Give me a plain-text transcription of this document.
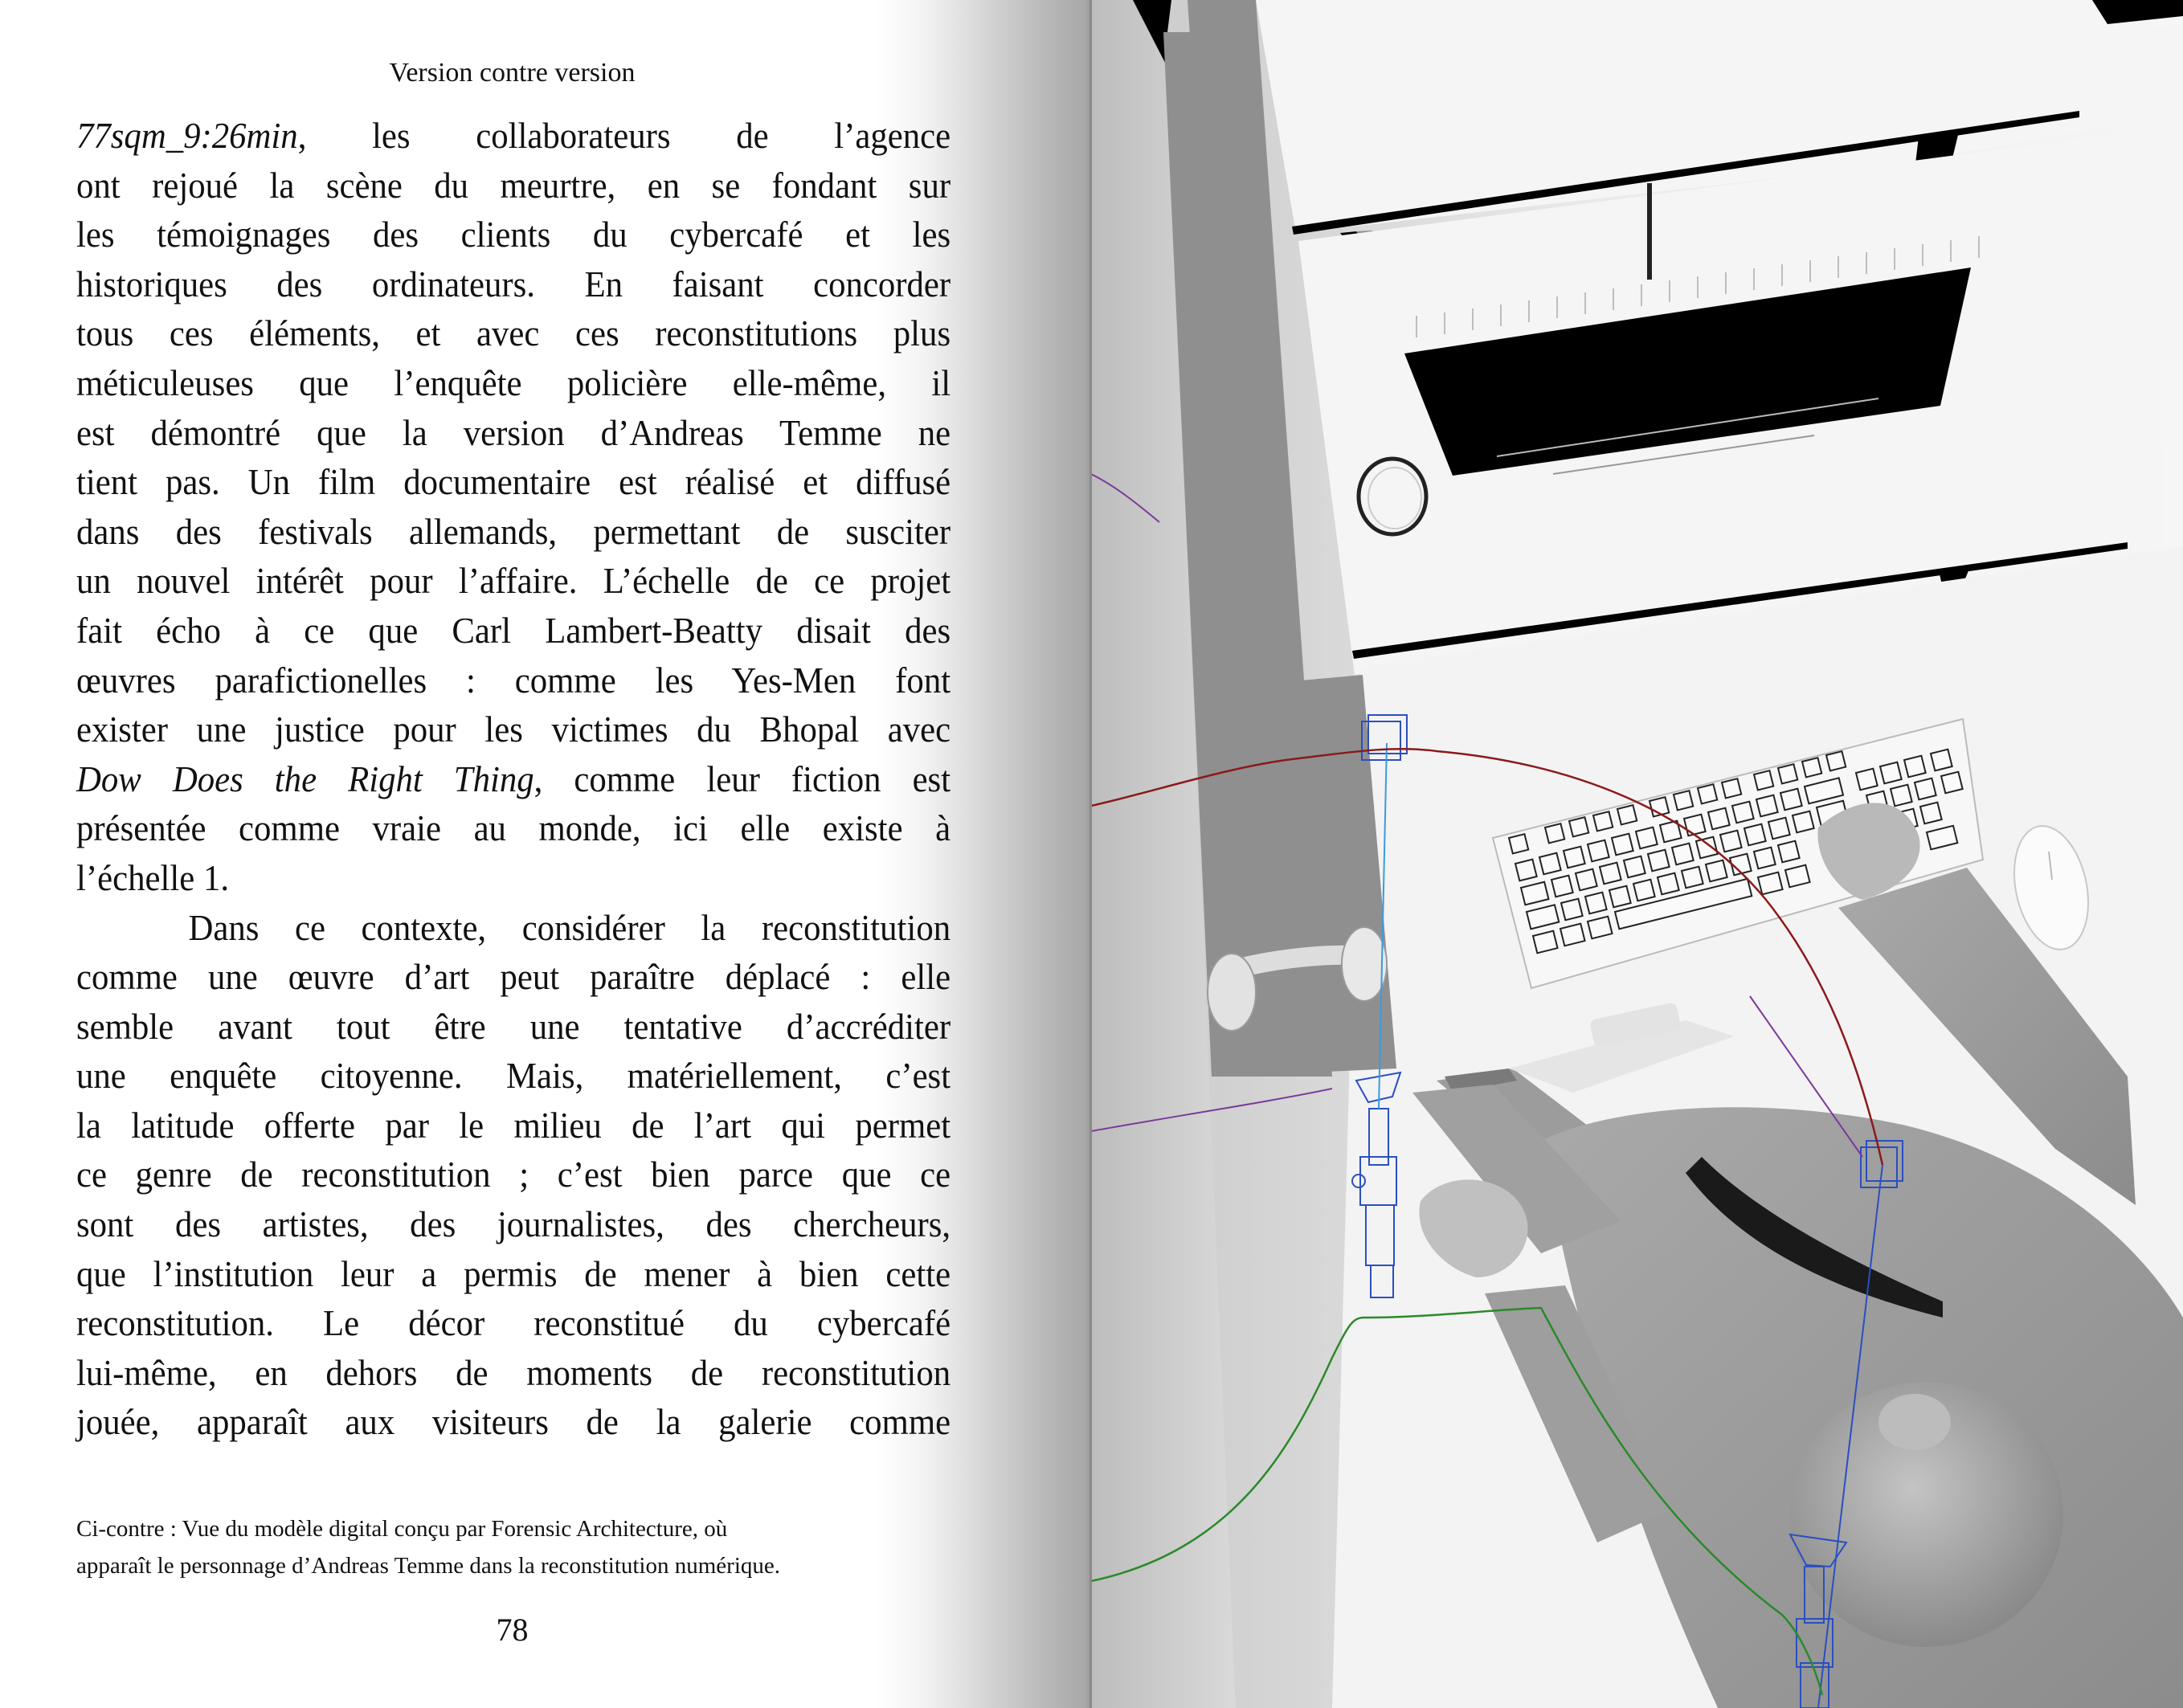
Version contre version
77sqm_9:26min, les collaborateurs de l’agence
ont rejoué la scène du meurtre, en se fondant sur
les témoignages des clients du cybercafé et les
historiques des ordinateurs. En faisant concorder
tous ces éléments, et avec ces reconstitutions plus
méticuleuses que l’enquête policière elle-même, il
est démontré que la version d’Andreas Temme ne
tient pas. Un film documentaire est réalisé et diffusé
dans des festivals allemands, permettant de susciter
un nouvel intérêt pour l’affaire. L’échelle de ce projet
fait écho à ce que Carl Lambert-Beatty disait des
œuvres parafictionelles : comme les Yes-Men font
exister une justice pour les victimes du Bhopal avec
Dow Does the Right Thing, comme leur fiction est
présentée comme vraie au monde, ici elle existe à
l’échelle 1.
Dans ce contexte, considérer la reconstitution
comme une œuvre d’art peut paraître déplacé : elle
semble avant tout être une tentative d’accréditer
une enquête citoyenne. Mais, matériellement, c’est
la latitude offerte par le milieu de l’art qui permet
ce genre de reconstitution ; c’est bien parce que ce
sont des artistes, des journalistes, des chercheurs,
que l’institution leur a permis de mener à bien cette
reconstitution. Le décor reconstitué du cybercafé
lui-même, en dehors de moments de reconstitution
jouée, apparaît aux visiteurs de la galerie comme
Ci-contre : Vue du modèle digital conçu par Forensic Architecture, où
apparaît le personnage d’Andreas Temme dans la reconstitution numérique.
78
